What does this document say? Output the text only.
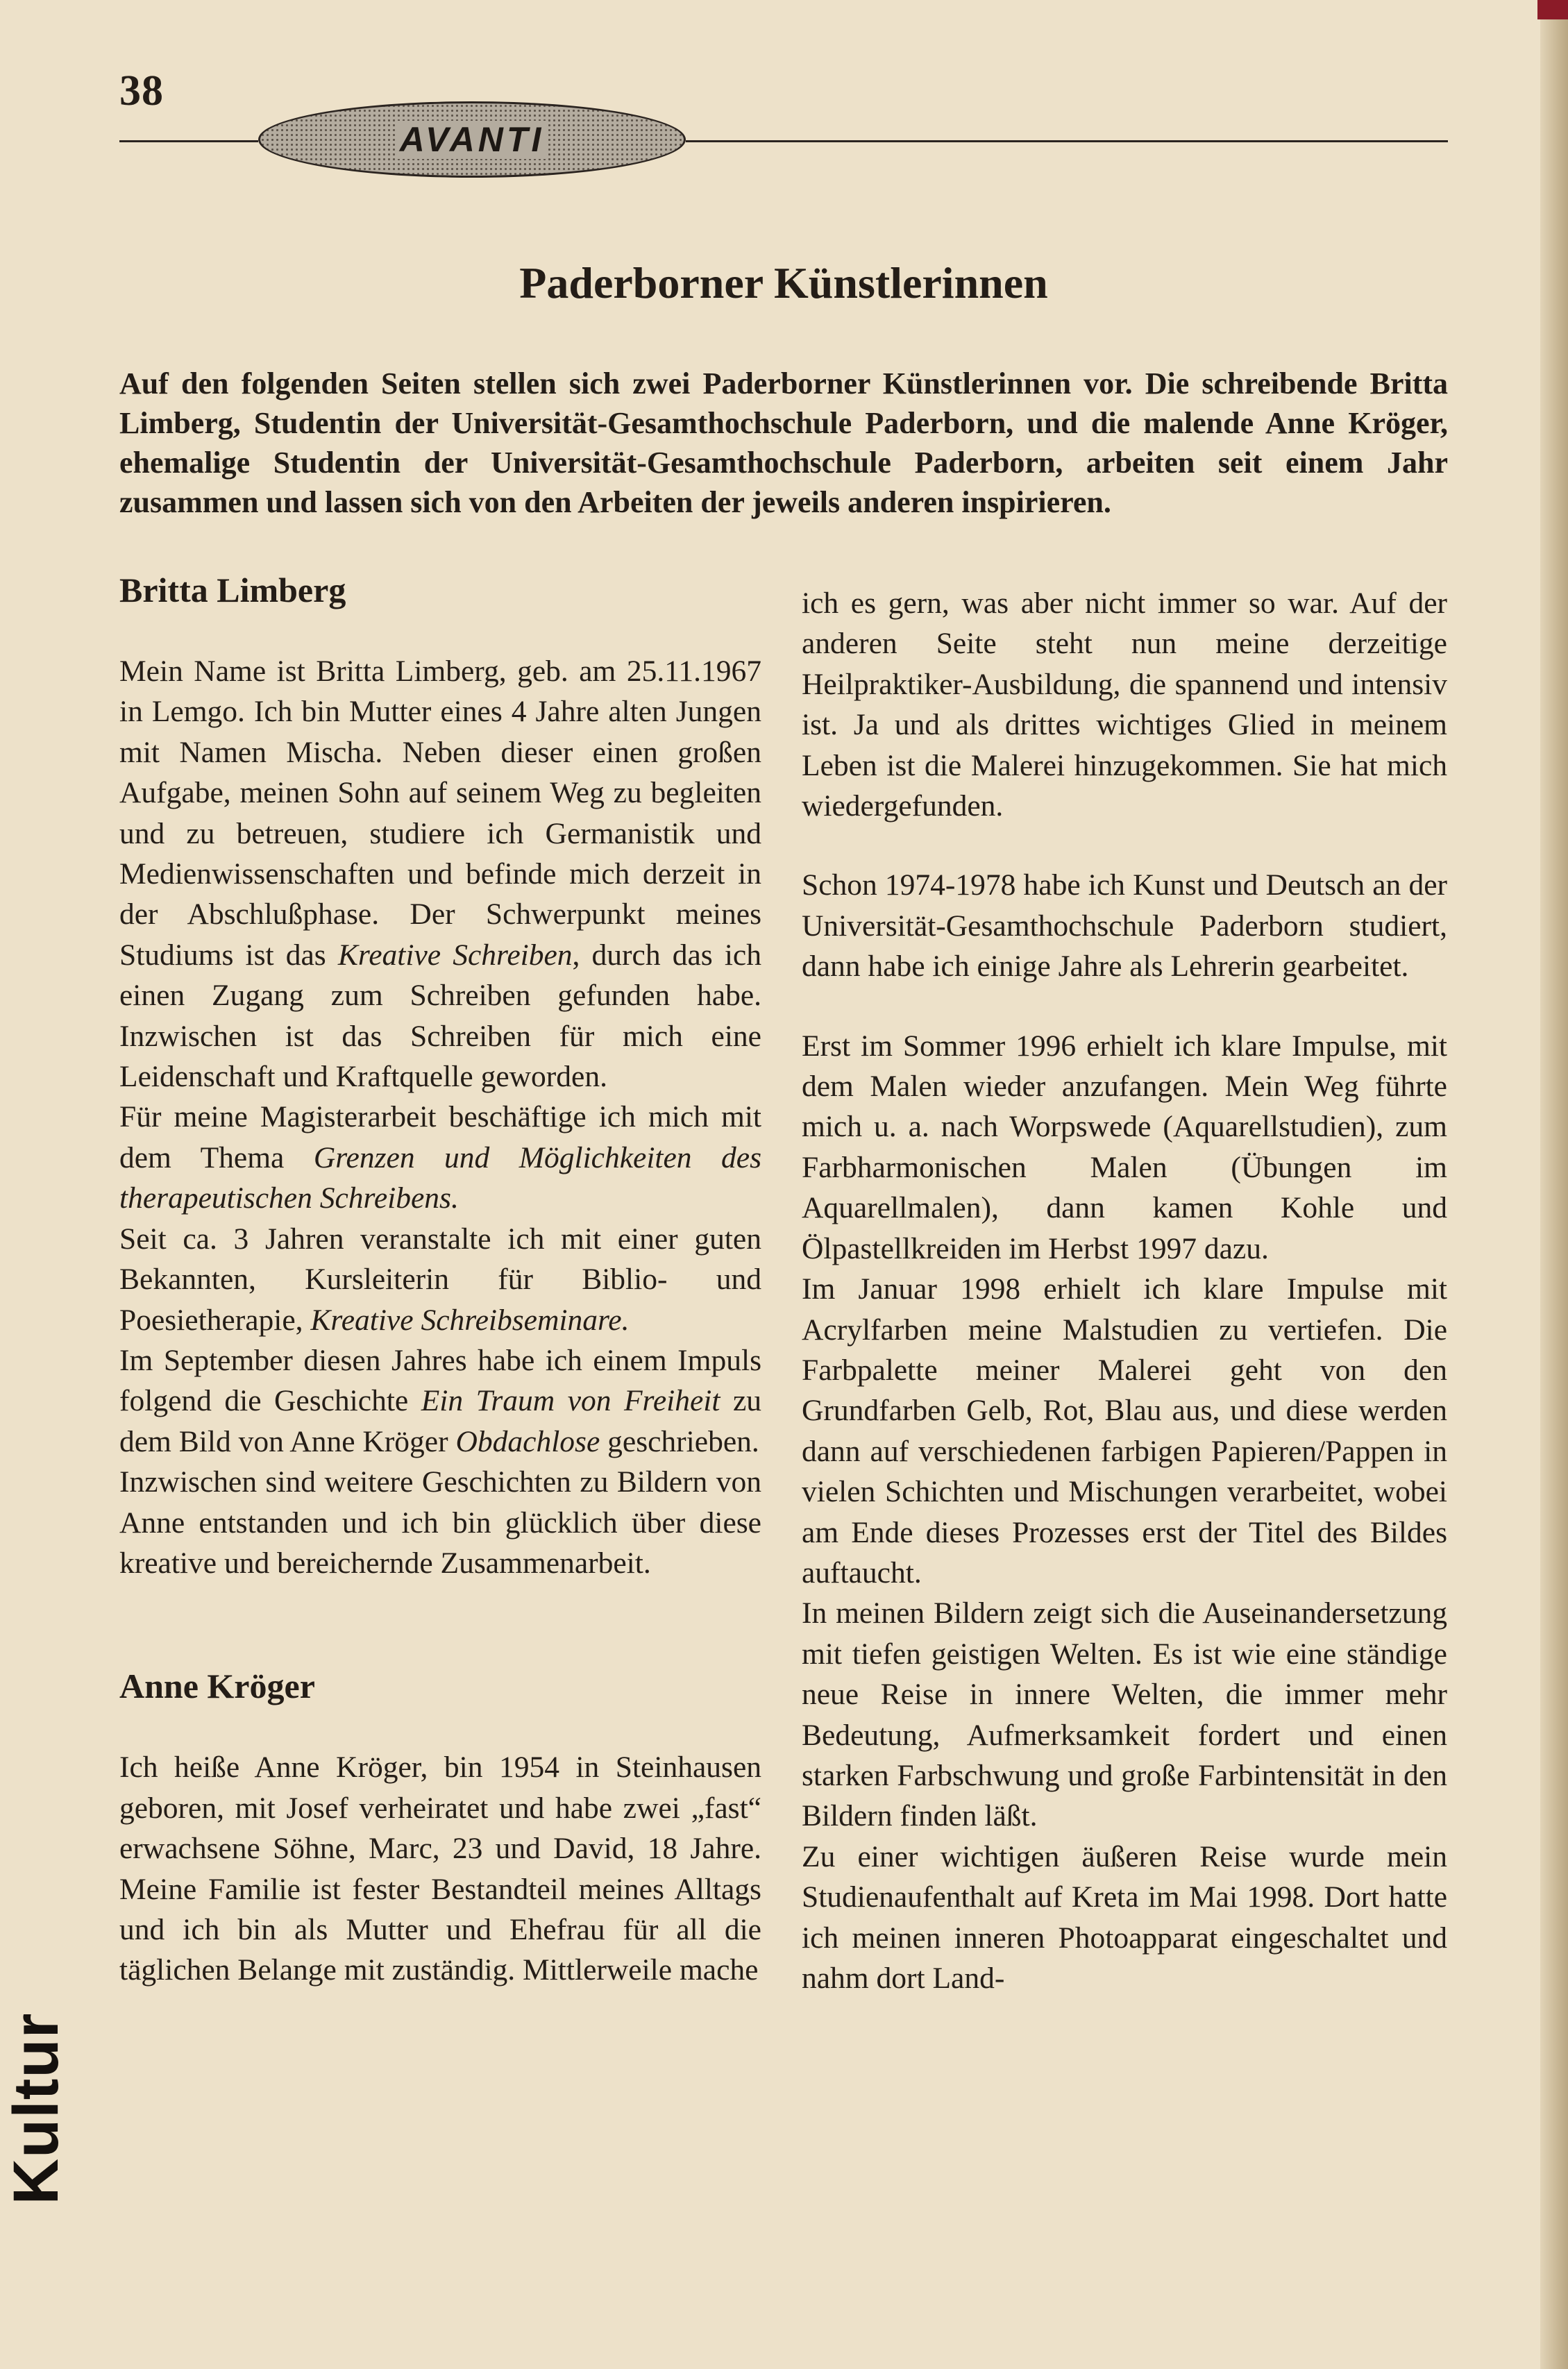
38
AVANTI
Paderborner Künstlerinnen

Auf den folgenden Seiten stellen sich zwei Paderborner Künstlerinnen vor. Die schreibende Britta Limberg, Studentin der Universität-Gesamthochschule Paderborn, und die malende Anne Kröger, ehemalige Studentin der Universität-Gesamthochschule Paderborn, arbeiten seit einem Jahr zusammen und lassen sich von den Arbeiten der jeweils anderen inspirieren.

Britta Limberg

Mein Name ist Britta Limberg, geb. am 25.11.1967 in Lemgo. Ich bin Mutter eines 4 Jahre alten Jungen mit Namen Mischa. Neben dieser einen großen Aufgabe, meinen Sohn auf seinem Weg zu begleiten und zu betreuen, studiere ich Germanistik und Medienwissenschaften und befinde mich derzeit in der Abschlußphase. Der Schwerpunkt meines Studiums ist das Kreative Schreiben, durch das ich einen Zugang zum Schreiben gefunden habe. Inzwischen ist das Schreiben für mich eine Leidenschaft und Kraftquelle geworden.

Für meine Magisterarbeit beschäftige ich mich mit dem Thema Grenzen und Möglichkeiten des therapeutischen Schreibens.

Seit ca. 3 Jahren veranstalte ich mit einer guten Bekannten, Kursleiterin für Biblio- und Poesietherapie, Kreative Schreibseminare.

Im September diesen Jahres habe ich einem Impuls folgend die Geschichte Ein Traum von Freiheit zu dem Bild von Anne Kröger Obdachlose geschrieben.

Inzwischen sind weitere Geschichten zu Bildern von Anne entstanden und ich bin glücklich über diese kreative und bereichernde Zusammenarbeit.

Anne Kröger

Ich heiße Anne Kröger, bin 1954 in Steinhausen geboren, mit Josef verheiratet und habe zwei „fast“ erwachsene Söhne, Marc, 23 und David, 18 Jahre. Meine Familie ist fester Bestandteil meines Alltags und ich bin als Mutter und Ehefrau für all die täglichen Belange mit zuständig. Mittlerweile mache

ich es gern, was aber nicht immer so war. Auf der anderen Seite steht nun meine derzeitige Heilpraktiker-Ausbildung, die spannend und intensiv ist. Ja und als drittes wichtiges Glied in meinem Leben ist die Malerei hinzugekommen. Sie hat mich wiedergefunden.

Schon 1974-1978 habe ich Kunst und Deutsch an der Universität-Gesamthochschule Paderborn studiert, dann habe ich einige Jahre als Lehrerin gearbeitet.

Erst im Sommer 1996 erhielt ich klare Impulse, mit dem Malen wieder anzufangen. Mein Weg führte mich u. a. nach Worpswede (Aquarellstudien), zum Farbharmonischen Malen (Übungen im Aquarellmalen), dann kamen Kohle und Ölpastellkreiden im Herbst 1997 dazu.

Im Januar 1998 erhielt ich klare Impulse mit Acrylfarben meine Malstudien zu vertiefen. Die Farbpalette meiner Malerei geht von den Grundfarben Gelb, Rot, Blau aus, und diese werden dann auf verschiedenen farbigen Papieren/Pappen in vielen Schichten und Mischungen verarbeitet, wobei am Ende dieses Prozesses erst der Titel des Bildes auftaucht.

In meinen Bildern zeigt sich die Auseinandersetzung mit tiefen geistigen Welten. Es ist wie eine ständige neue Reise in innere Welten, die immer mehr Bedeutung, Aufmerksamkeit fordert und einen starken Farbschwung und große Farbintensität in den Bildern finden läßt.

Zu einer wichtigen äußeren Reise wurde mein Studienaufenthalt auf Kreta im Mai 1998. Dort hatte ich meinen inneren Photoapparat eingeschaltet und nahm dort Land-

Kultur
